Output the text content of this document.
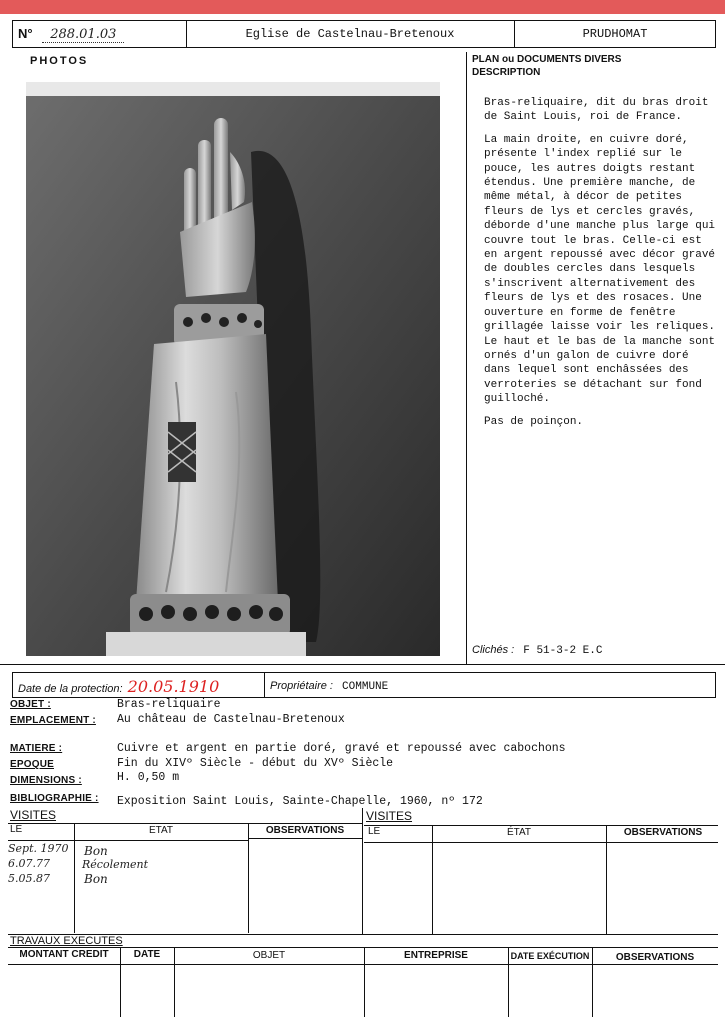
N° 288.01.03	Eglise de Castelnau-Bretenoux	PRUDHOMAT
PHOTOS	PLAN ou DOCUMENTS DIVERS
DESCRIPTION

Bras-reliquaire, dit du bras droit de Saint Louis, roi de France.

La main droite, en cuivre doré, présente l'index replié sur le pouce, les autres doigts restant étendus. Une première manche, de même métal, à décor de petites fleurs de lys et cercles gravés, déborde d'une manche plus large qui couvre tout le bras. Celle-ci est en argent repoussé avec décor gravé de doubles cercles dans lesquels s'inscrivent alternativement des fleurs de lys et des rosaces. Une ouverture en forme de fenêtre grillagée laisse voir les reliques. Le haut et le bas de la manche sont ornés d'un galon de cuivre doré dans lequel sont enchâssées des verroteries se détachant sur fond guilloché.

Pas de poinçon.

Clichés : F 51-3-2 E.C
Date de la protection: 20.05.1910	Propriétaire : COMMUNE
OBJET :	Bras-reliquaire
EMPLACEMENT : Au château de Castelnau-Bretenoux
MATIERE :	Cuivre et argent en partie doré, gravé et repoussé avec cabochons
EPOQUE	Fin du XIVº Siècle - début du XVº Siècle
DIMENSIONS :	H. 0,50 m
BIBLIOGRAPHIE : Exposition Saint Louis, Sainte-Chapelle, 1960, nº 172
VISITES
LE	ETAT	OBSERVATIONS
Sept. 1970 Bon
6.07.77	Récolement
5.05.87	Bon
VISITES
LE	ÉTAT	OBSERVATIONS
TRAVAUX EXECUTES
MONTANT CREDIT	DATE	OBJET	ENTREPRISE	DATE EXÉCUTION	OBSERVATIONS
